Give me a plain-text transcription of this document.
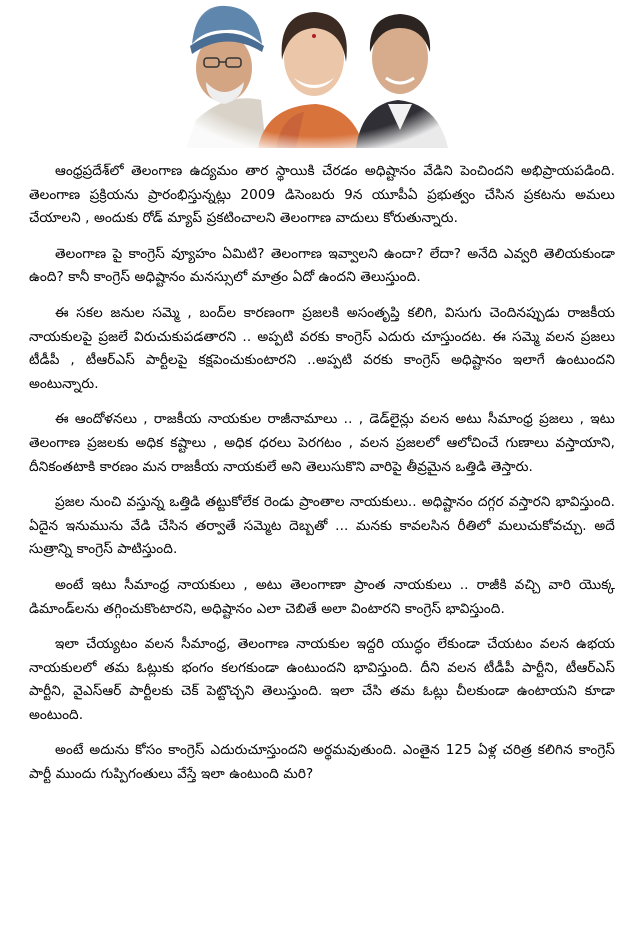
ఆంధ్రప్రదేశ్‌లో తెలంగాణ ఉద్యమం తార స్థాయికి చేరడం అధిష్టానం వేడిని పెంచిందని అభిప్రాయపడింది. తెలంగాణ ప్రక్రియను ప్రారంభిస్తున్నట్లు 2009 డిసెంబరు 9న యూపీఏ ప్రభుత్వం చేసిన ప్రకటను అమలు చేయాలని , అందుకు రోడ్ మ్యాప్ ప్రకటించాలని తెలంగాణ వాదులు కోరుతున్నారు.

తెలంగాణ పై కాంగ్రెస్ వ్యూహం ఏమిటి? తెలంగాణ ఇవ్వాలని ఉందా? లేదా? అనేది ఎవ్వరి తెలియకుండా ఉంది? కానీ కాంగ్రెస్ అధిష్టానం మనస్సులో మాత్రం ఏదో ఉందని తెలుస్తుంది.

ఈ సకల జనుల సమ్మె , బంద్‌ల కారణంగా ప్రజలకి అసంతృప్తి కలిగి, విసుగు చెందినప్పుడు రాజకీయ నాయకులపై ప్రజలే విరుచుకుపడతారని .. అప్పటి వరకు కాంగ్రెస్ ఎదురు చూస్తుందట. ఈ సమ్మె వలన ప్రజలు టీడీపీ , టీఆర్ఎస్ పార్టీలపై కక్షపెంచుకుంటారని ..అప్పటి వరకు కాంగ్రెస్ అధిష్టానం ఇలాగే ఉంటుందని అంటున్నారు.

ఈ ఆందోళనలు , రాజకీయ నాయకుల రాజీనామాలు .. , డెడ్‌లైన్లు వలన అటు సీమాంధ్ర ప్రజలు , ఇటు తెలంగాణ ప్రజలకు అధిక కష్టాలు , అధిక ధరలు పెరగటం , వలన ప్రజలలో ఆలోచించే గుణాలు వస్తాయాని, దీనికంతటాకి కారణం మన రాజకీయ నాయకులే అని తెలుసుకొని వారిపై తీవ్రమైన ఒత్తిడి తెస్తారు.

ప్రజల నుంచి వస్తున్న ఒత్తిడి తట్టుకోలేక రెండు ప్రాంతాల నాయకులు.. అధిష్టానం దగ్గర వస్తారని భావిస్తుంది. ఏదైన ఇనుమును వేడి చేసిన తర్వాతే సమ్మెట దెబ్బతో ... మనకు కావలసిన రీతిలో మలుచుకోవచ్చు. అదే సుత్రాన్ని కాంగ్రెస్ పాటిస్తుంది.

అంటే ఇటు సీమాంధ్ర నాయకులు , అటు తెలంగాణా ప్రాంత నాయకులు .. రాజీకి వచ్చి వారి యొక్క డిమాండ్‌లను తగ్గించుకొంటారని, అధిష్టానం ఎలా చెబితే అలా వింటారని కాంగ్రెస్ భావిస్తుంది.

ఇలా చేయ్యటం వలన సీమాంధ్ర, తెలంగాణ నాయకుల ఇద్దరి యుద్ధం లేకుండా చేయటం వలన ఉభయ నాయకులలో తమ ఓట్లుకు భంగం కలగకుండా ఉంటుందని భావిస్తుంది. దీని వలన టీడీపీ పార్టీని, టీఆర్ఎస్ పార్టీని, వైఎస్ఆర్ పార్టీలకు చెక్ పెట్టొచ్చని తెలుస్తుంది. ఇలా చేసి తమ ఓట్లు చీలకుండా ఉంటాయని కూడా అంటుంది.

అంటే అదును కోసం కాంగ్రెస్ ఎదురుచూస్తుందని అర్థమవుతుంది. ఎంతైన 125 ఏళ్ల చరిత్ర కలిగిన కాంగ్రెస్ పార్టీ ముందు గుప్పిగంతులు వేస్తే ఇలా ఉంటుంది మరి?
